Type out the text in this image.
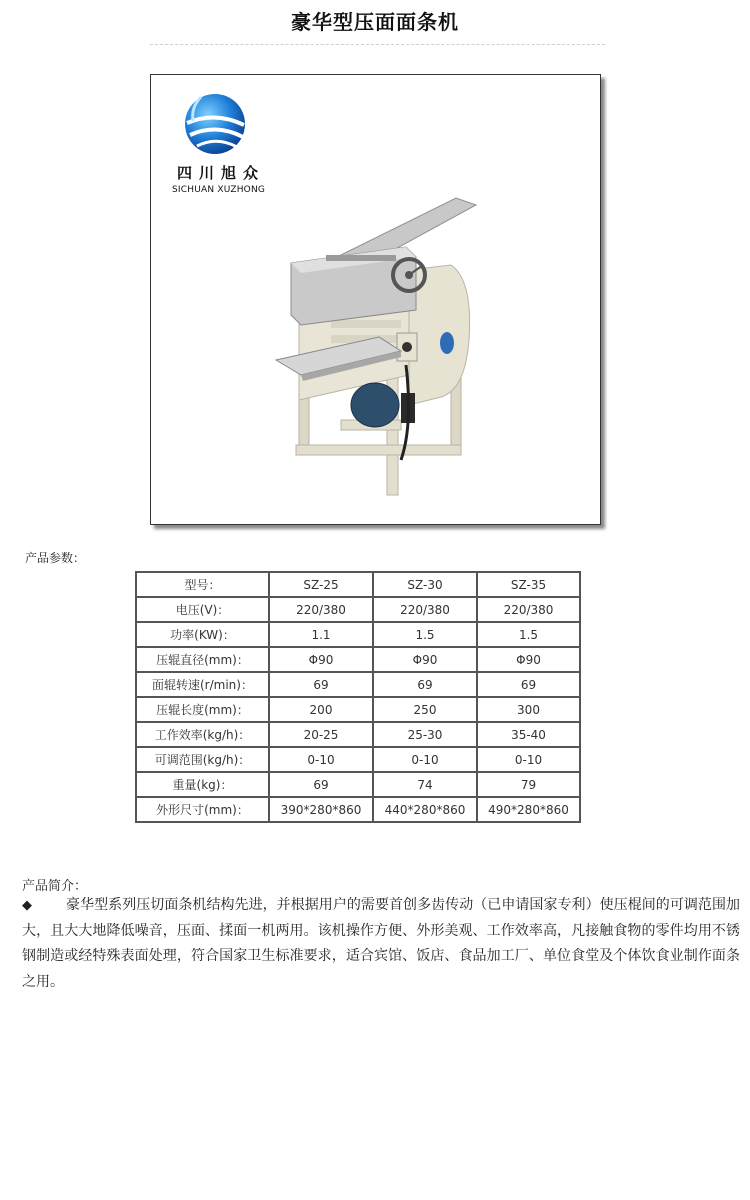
豪华型压面面条机
四川旭众
SICHUAN XUZHONG
产品参数：
型号：	SZ-25	SZ-30	SZ-35
电压(V)：	220/380	220/380	220/380
功率(KW)：	1.1	1.5	1.5
压辊直径(mm)：	Φ90	Φ90	Φ90
面辊转速(r/min)：	69	69	69
压辊长度(mm)：	200	250	300
工作效率(kg/h)：	20-25	25-30	35-40
可调范围(kg/h)：	0-10	0-10	0-10
重量(kg)：	69	74	79
外形尺寸(mm)：	390*280*860	440*280*860	490*280*860
产品简介：
◆ 豪华型系列压切面条机结构先进，并根据用户的需要首创多齿传动（已申请国家专利）使压棍间的可调范围加大，且大大地降低噪音，压面、揉面一机两用。该机操作方便、外形美观、工作效率高，凡接触食物的零件均用不锈钢制造或经特殊表面处理，符合国家卫生标准要求，适合宾馆、饭店、食品加工厂、单位食堂及个体饮食业制作面条之用。
